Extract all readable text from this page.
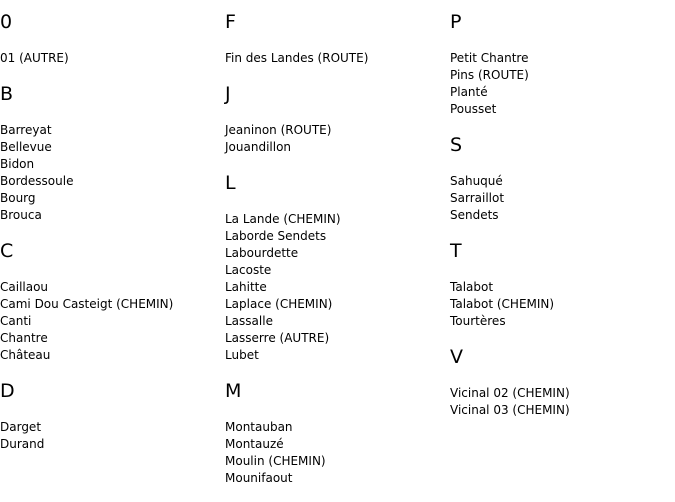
0
01 (AUTRE)
B
Barreyat
Bellevue
Bidon
Bordessoule
Bourg
Brouca
C
Caillaou
Cami Dou Casteigt (CHEMIN)
Canti
Chantre
Château
D
Darget
Durand
F
Fin des Landes (ROUTE)
J
Jeaninon (ROUTE)
Jouandillon
L
La Lande (CHEMIN)
Laborde Sendets
Labourdette
Lacoste
Lahitte
Laplace (CHEMIN)
Lassalle
Lasserre (AUTRE)
Lubet
M
Montauban
Montauzé
Moulin (CHEMIN)
Mounifaout
P
Petit Chantre
Pins (ROUTE)
Planté
Pousset
S
Sahuqué
Sarraillot
Sendets
T
Talabot
Talabot (CHEMIN)
Tourtères
V
Vicinal 02 (CHEMIN)
Vicinal 03 (CHEMIN)
